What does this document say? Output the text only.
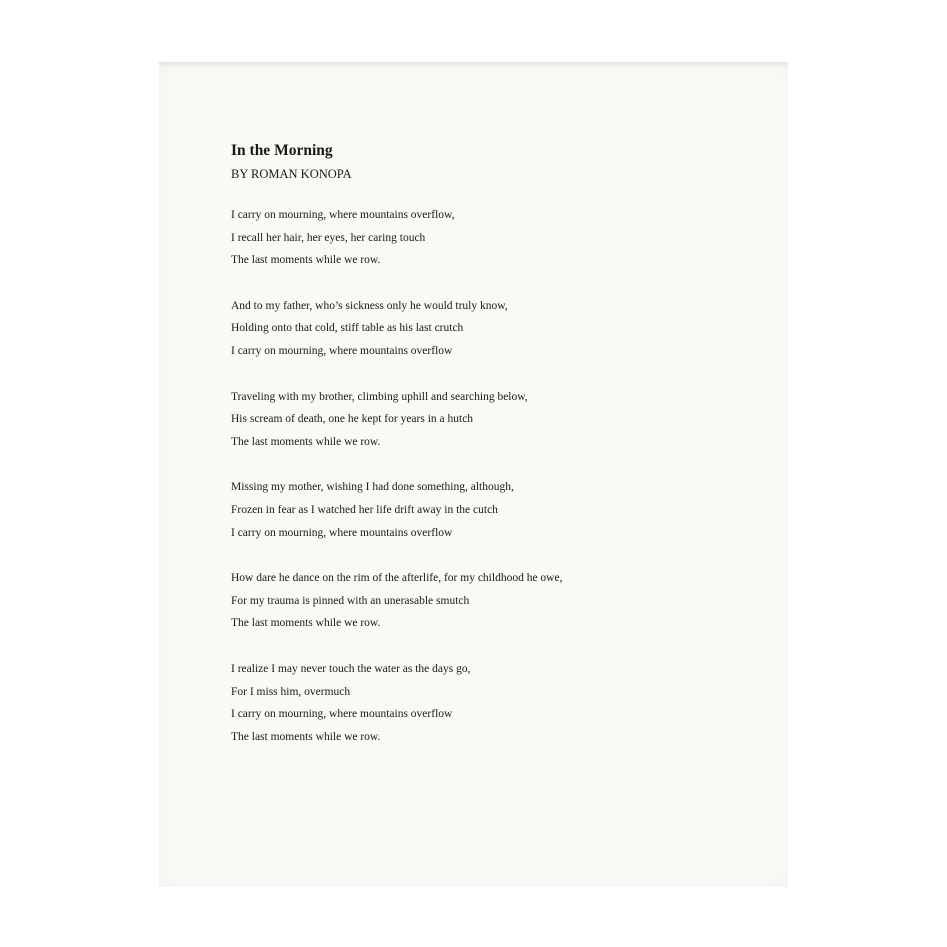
In the Morning
BY ROMAN KONOPA
I carry on mourning, where mountains overflow,
I recall her hair, her eyes, her caring touch
The last moments while we row.
And to my father, who’s sickness only he would truly know,
Holding onto that cold, stiff table as his last crutch
I carry on mourning, where mountains overflow
Traveling with my brother, climbing uphill and searching below,
His scream of death, one he kept for years in a hutch
The last moments while we row.
Missing my mother, wishing I had done something, although,
Frozen in fear as I watched her life drift away in the cutch
I carry on mourning, where mountains overflow
How dare he dance on the rim of the afterlife, for my childhood he owe,
For my trauma is pinned with an unerasable smutch
The last moments while we row.
I realize I may never touch the water as the days go,
For I miss him, overmuch
I carry on mourning, where mountains overflow
The last moments while we row.
